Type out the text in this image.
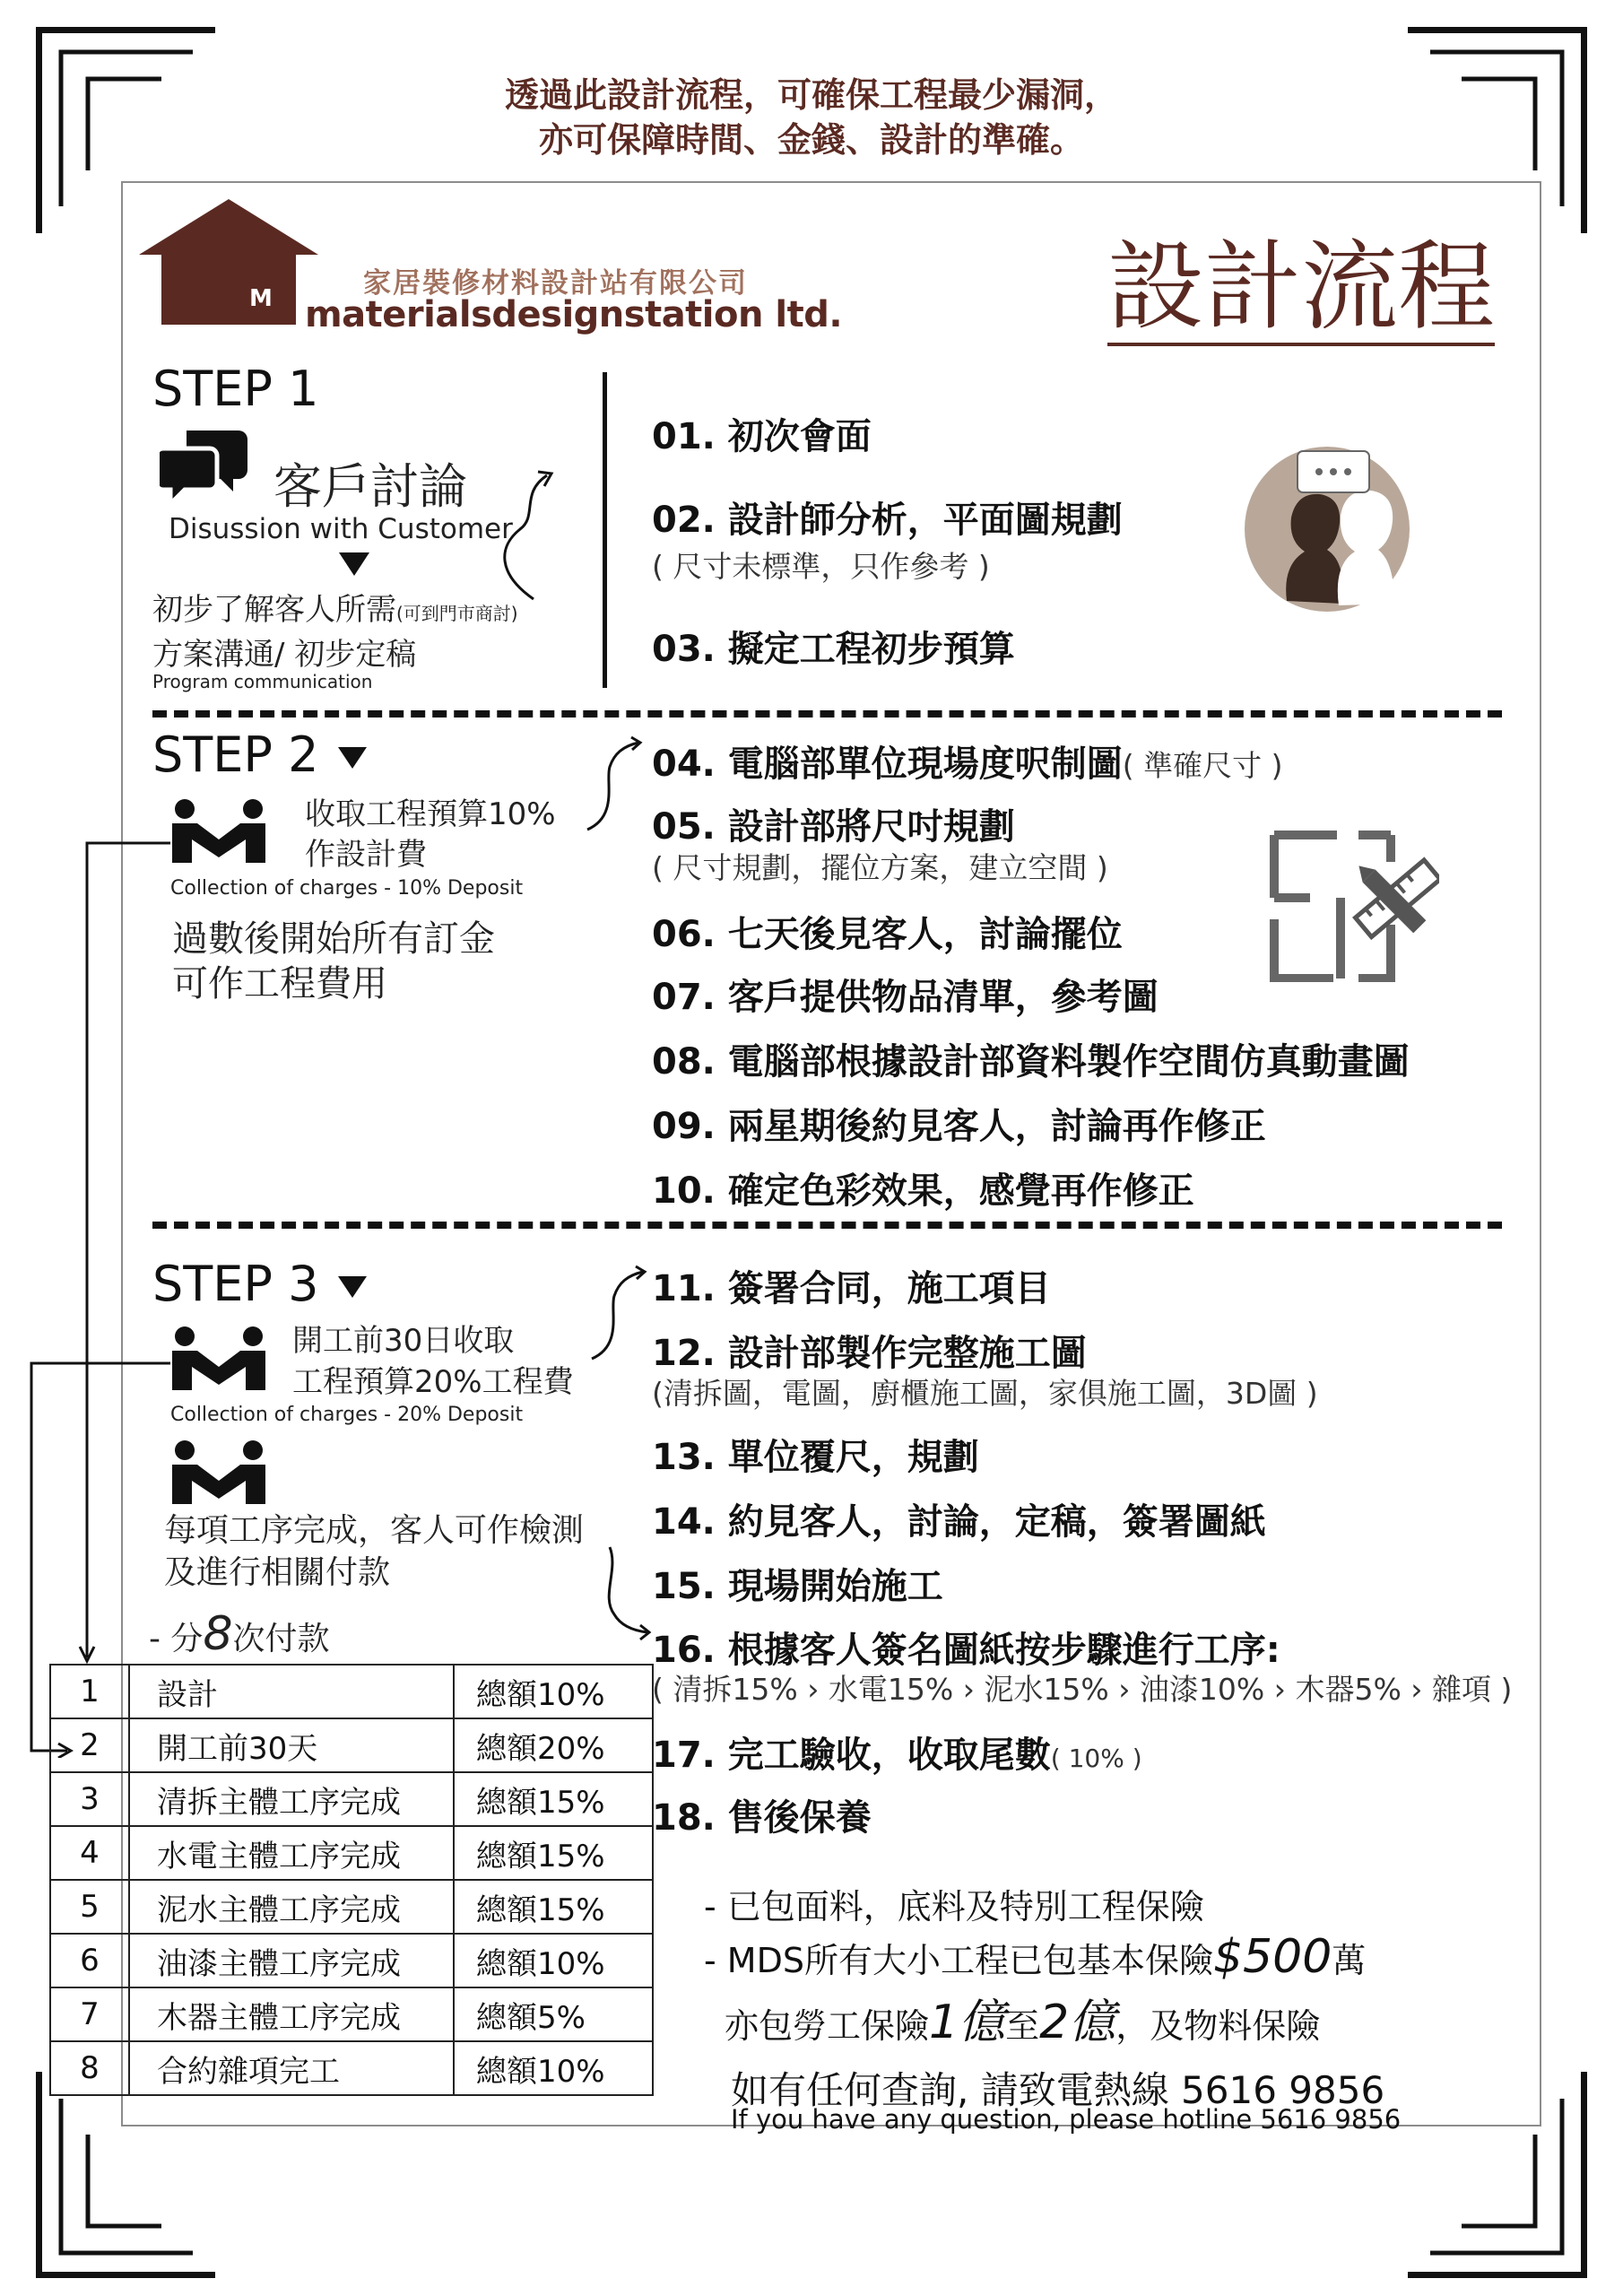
透過此設計流程，可確保工程最少漏洞，
亦可保障時間、金錢、設計的準確。
M	家居裝修材料設計站有限公司
materialsdesignstation ltd.	設計流程
STEP 1
客戶討論
Disussion with Customer
初步了解客人所需(可到門市商討)
方案溝通/ 初步定稿
Program communication
01. 初次會面
02. 設計師分析，平面圖規劃
( 尺寸未標準，只作參考 )
03. 擬定工程初步預算
STEP 2
收取工程預算10%
作設計費
Collection of charges - 10% Deposit
過數後開始所有訂金
可作工程費用
04. 電腦部單位現場度呎制圖( 準確尺寸 )
05. 設計部將尺吋規劃
( 尺寸規劃，擺位方案，建立空間 )
06. 七天後見客人，討論擺位
07. 客戶提供物品清單，參考圖
08. 電腦部根據設計部資料製作空間仿真動畫圖
09. 兩星期後約見客人，討論再作修正
10. 確定色彩效果，感覺再作修正
STEP 3
開工前30日收取
工程預算20%工程費
Collection of charges - 20% Deposit
每項工序完成，客人可作檢測
及進行相關付款
- 分8次付款
11. 簽署合同，施工項目
12. 設計部製作完整施工圖
(清拆圖，電圖，廚櫃施工圖，家俱施工圖，3D圖 )
13. 單位覆尺，規劃
14. 約見客人，討論，定稿，簽署圖紙
15. 現場開始施工
16. 根據客人簽名圖紙按步驟進行工序:
( 清拆15% › 水電15% › 泥水15% › 油漆10% › 木器5% › 雜項 )
17. 完工驗收，收取尾數( 10% )
18. 售後保養
1	設計	總額10%
2	開工前30天	總額20%
3	清拆主體工序完成	總額15%
4	水電主體工序完成	總額15%
5	泥水主體工序完成	總額15%
6	油漆主體工序完成	總額10%
7	木器主體工序完成	總額5%
8	合約雜項完工	總額10%
- 已包面料，底料及特別工程保險
- MDS所有大小工程已包基本保險$500萬
亦包勞工保險1億至2億，及物料保險
如有任何查詢, 請致電熱線 5616 9856
If you have any question, please hotline 5616 9856
